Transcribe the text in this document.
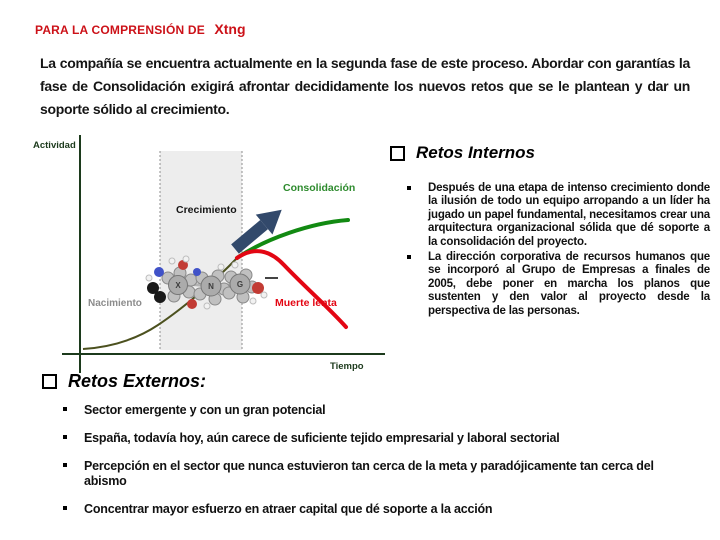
PARA LA COMPRENSIÓN DE Xtng

La compañía se encuentra actualmente en la segunda fase de este proceso. Abordar con garantías la fase de Consolidación exigirá afrontar decididamente los nuevos retos que se le plantean y dar un soporte sólido al crecimiento.

X	N	G
Actividad
Tiempo
Crecimiento
Consolidación
Nacimiento	Muerte lenta
Retos Internos
Después de una etapa de intenso crecimiento donde la ilusión de todo un equipo arropando a un líder ha jugado un papel fundamental, necesitamos crear una arquitectura organizacional sólida que dé soporte a la consolidación del proyecto.
La dirección corporativa de recursos humanos que se incorporó al Grupo de Empresas a finales de 2005, debe poner en marcha los planos que sustenten y den valor al proyecto desde la perspectiva de las personas.
Retos Externos:
Sector emergente y con un gran potencial
España, todavía hoy, aún carece de suficiente tejido empresarial y laboral sectorial
Percepción en el sector que nunca estuvieron tan cerca de la meta y paradójicamente tan cerca del abismo
Concentrar mayor esfuerzo en atraer capital que dé soporte a la acción
